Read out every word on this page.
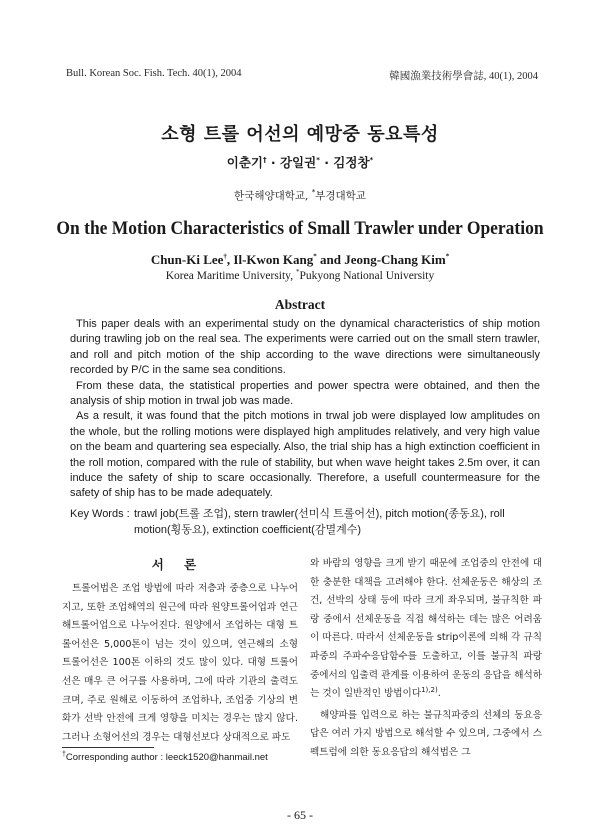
Bull. Korean Soc. Fish. Tech. 40(1), 2004	韓國漁業技術學會誌, 40(1), 2004
소형 트롤 어선의 예망중 동요특성
이춘기† · 강일권* · 김정창*
한국해양대학교, *부경대학교
On the Motion Characteristics of Small Trawler under Operation
Chun-Ki Lee†, Il-Kwon Kang* and Jeong-Chang Kim*
Korea Maritime University, *Pukyong National University
Abstract

This paper deals with an experimental study on the dynamical characteristics of ship motion during trawling job on the real sea. The experiments were carried out on the small stern trawler, and roll and pitch motion of the ship according to the wave directions were simultaneously recorded by P/C in the same sea conditions.

From these data, the statistical properties and power spectra were obtained, and then the analysis of ship motion in trwal job was made.

As a result, it was found that the pitch motions in trwal job were displayed low amplitudes on the whole, but the rolling motions were displayed high amplitudes relatively, and very high value on the beam and quartering sea especially. Also, the trial ship has a high extinction coefficient in the roll motion, compared with the rule of stability, but when wave height takes 2.5m over, it can induce the safety of ship to scare occasionally. Therefore, a usefull countermeasure for the safety of ship has to be made adequately.

Key Words : trawl job(트롤 조업), stern trawler(선미식 트롤어선), pitch motion(종동요), roll motion(횡동요), extinction coefficient(감멸계수)
서 론

트롤어법은 조업 방법에 따라 저층과 중층으로 나누어지고, 또한 조업해역의 원근에 따라 원양트롤어업과 연근해트롤어업으로 나누어진다. 원양에서 조업하는 대형 트롤어선은 5,000톤이 넘는 것이 있으며, 연근해의 소형 트롤어선은 100톤 이하의 것도 많이 있다. 대형 트롤어선은 매우 큰 어구를 사용하며, 그에 따라 기관의 출력도 크며, 주로 원해로 이동하여 조업하나, 조업중 기상의 변화가 선박 안전에 크게 영향을 미치는 경우는 많지 않다. 그러나 소형어선의 경우는 대형선보다 상대적으로 파도

와 바람의 영향을 크게 받기 때문에 조업중의 안전에 대한 충분한 대책을 고려해야 한다. 선체운동은 해상의 조건, 선박의 상태 등에 따라 크게 좌우되며, 불규칙한 파랑 중에서 선체운동을 직접 해석하는 데는 많은 어려움이 따른다. 따라서 선체운동을 strip이론에 의해 각 규칙파중의 주파수응답함수를 도출하고, 이를 불규칙 파랑 중에서의 입출력 관계를 이용하여 운동의 응답을 해석하는 것이 일반적인 방법이다$^{1),2)}$.

해양파를 입력으로 하는 불규칙파중의 선체의 동요응답은 여러 가지 방법으로 해석할 수 있으며, 그중에서 스펙트럼에 의한 동요응답의 해석법은 그

†Corresponding author : leeck1520@hanmail.net
- 65 -
